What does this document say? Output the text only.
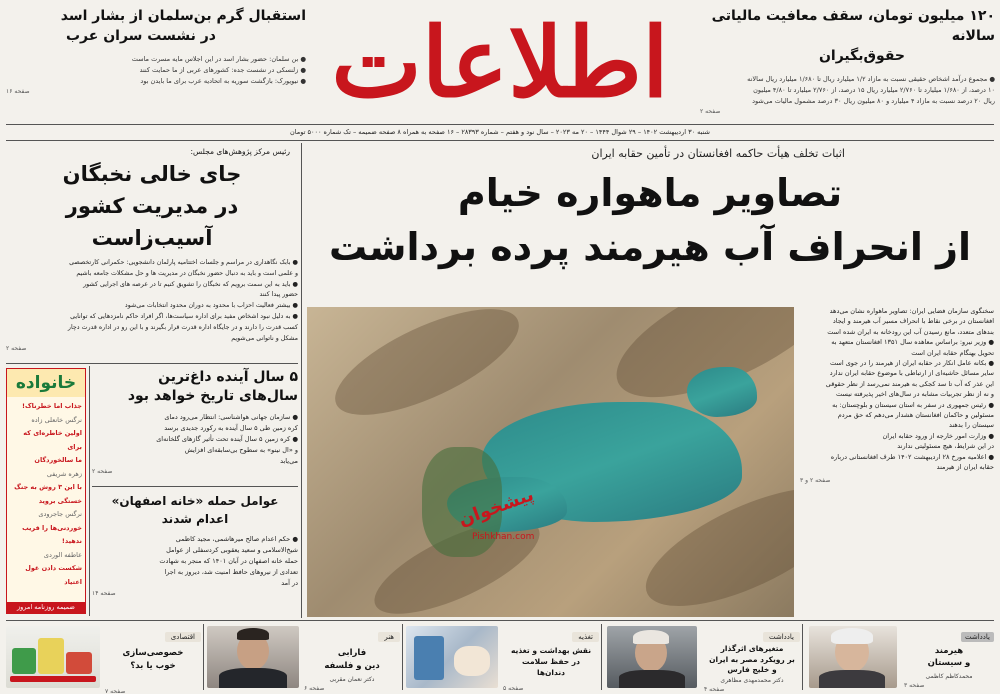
اطلاعات	۱۲۰ میلیون تومان، سقف معافیت مالیاتی سالانه
حقوق‌بگیران
● مجموع درآمد اشخاص حقیقی نسبت به مازاد ۱/۲ میلیارد ریال تا ۱/۶۸۰ میلیارد ریال سالانه
۱۰ درصد، از ۱/۶۸۰ میلیارد تا ۲/۷۶۰ میلیارد ریال ۱۵ درصد، از ۲/۷۶۰ میلیارد تا ۴/۸۰ میلیون
ریال ۲۰ درصد نسبت به مازاد ۴ میلیارد و ۸۰ میلیون ریال ۳۰ درصد مشمول مالیات می‌شود
صفحه ۲
استقبال گرم بن‌سلمان از بشار اسد
در نشست سران عرب
● بن سلمان: حضور بشار اسد در این اجلاس مایه مسرت ماست
● زلنسکی در نشست جده: کشورهای عربی از ما حمایت کنند
● نیویورک: بازگشت سوریه به اتحادیه عرب برای ما بایدن بود
صفحه ۱۶
شنبه ۳۰ اردیبهشت ۱۴۰۲ – ۲۹ شوال ۱۴۴۴ – ۲۰ مه ۲۰۲۳ – سال نود و هفتم – شماره ۲۸۳۹۳ – ۱۶ صفحه به همراه ۸ صفحه ضمیمه – تک شماره ۵۰۰۰ تومان
اثبات تخلف هیأت حاکمه افغانستان در تأمین حقابه ایران
تصاویر ماهواره خیام
از انحراف آب هیرمند پرده برداشت
پیشخوان
Pishkhan.com
سخنگوی سازمان فضایی ایران: تصاویر ماهواره نشان می‌دهد
افغانستان در برخی نقاط با انحراف مسیر آب هیرمند و ایجاد
بندهای متعدد، مانع رسیدن آب این رودخانه به ایران شده است
● وزیر نیرو: براساس معاهده سال ۱۳۵۱ افغانستان متعهد به
تحویل بهنگام حقابه ایران است
● بکانه عامل انکار در حقابه ایران از هیرمند را در جوی است
سایر مسائل حاشیه‌ای از ارتباطی با موضوع حقابه ایران ندارد
این عذر که آب تا سد کجکی به هیرمند نمی‌رسد از نظر حقوقی
و نه از نظر تجربیات مشابه در سال‌های اخیر پذیرفته نیست
● رئیس جمهوری در سفر به استان سیستان و بلوچستان: به
مسئولین و حاکمان افغانستان هشدار می‌دهم که حق مردم
سیستان را بدهند
● وزارت امور خارجه از ورود حقابه ایران
در این شرایط، هیچ مسئولیتی ندارند
● اعلامیه مورخ ۲۸ اردیبهشت ۱۴۰۲ طرف افغانستانی درباره
حقابه ایران از هیرمند
صفحه ۲ و ۳
رئیس مرکز پژوهش‌های مجلس:
جای خالی نخبگان
در مدیریت کشور آسیب‌زاست
● بابک نگاهداری در مراسم و جلسات اختتامیه پارلمان دانشجویی: حکمرانی کارتخصصی
و علمی است و باید به دنبال حضور نخبگان در مدیریت ها و حل مشکلات جامعه باشیم
● باید به این سمت برویم که نخبگان را تشویق کنیم تا در عرصه های اجرایی کشور
حضور پیدا کنند
● بیشتر فعالیت احزاب با محدود به دوران محدود انتخابات می‌شود
● به دلیل نبود اشخاص مفید برای اداره سیاست‌ها، اگر افراد حاکم نامزدهایی که توانایی
کسب قدرت را دارند و در جایگاه اداره قدرت قرار بگیرند و با این رو در اداره قدرت دچار
مشکل و ناتوانی می‌شویم
صفحه ۲
۵ سال آینده داغ‌ترین
سال‌های تاریخ خواهد بود
● سازمان جهانی هواشناسی: انتظار می‌رود دمای
کره زمین طی ۵ سال آینده به رکورد جدیدی برسد
● کره زمین ۵ سال آینده تحت تأثیر گازهای گلخانه‌ای
و «ال نینو» به سطوح بی‌سابقه‌ای افزایش
می‌یابد
صفحه ۲
عوامل حمله «خانه اصفهان»
اعدام شدند
● حکم اعدام صالح میرهاشمی، مجید کاظمی
شیخ‌الاسلامی و سعید یعقوبی کردسفلی از عوامل
حمله خانه اصفهان در آبان ۱۴۰۱ که منجر به شهادت
تعدادی از نیروهای حافظ امنیت شد، دیروز به اجرا
در آمد
صفحه ۱۴
خانواده
جذاب اما خطرناک!
نرگس خانعلی زاده
اولین خاطره‌ای که برای
ما سالخوردگان
زهره شریفی
با این ۳ روش به جنگ
خستگی بروید
نرگس جاجرودی
خوردنی‌ها را قریب ندهید!
عاطفه الوردی
شکست دادن غول
اعتیاد
ضمیمه روزنامه امروز
یادداشت
هیرمند
و سیستان
محمدکاظم کاظمی
صفحه ۳
یادداشت
متغیرهای اثرگذار
بر رویکرد مصر به ایران
و خلیج فارس
دکتر محمدمهدی مظاهری
صفحه ۴
تغذیه
نقش بهداشت و تغذیه
در حفظ سلامت
دندان‌ها
صفحه ۵
هنر
فارابی
دین و فلسفه
دکتر نعمان مقربی
صفحه ۶
اقتصادی
خصوصی‌سازی
خوب یا بد؟
صفحه ۷
